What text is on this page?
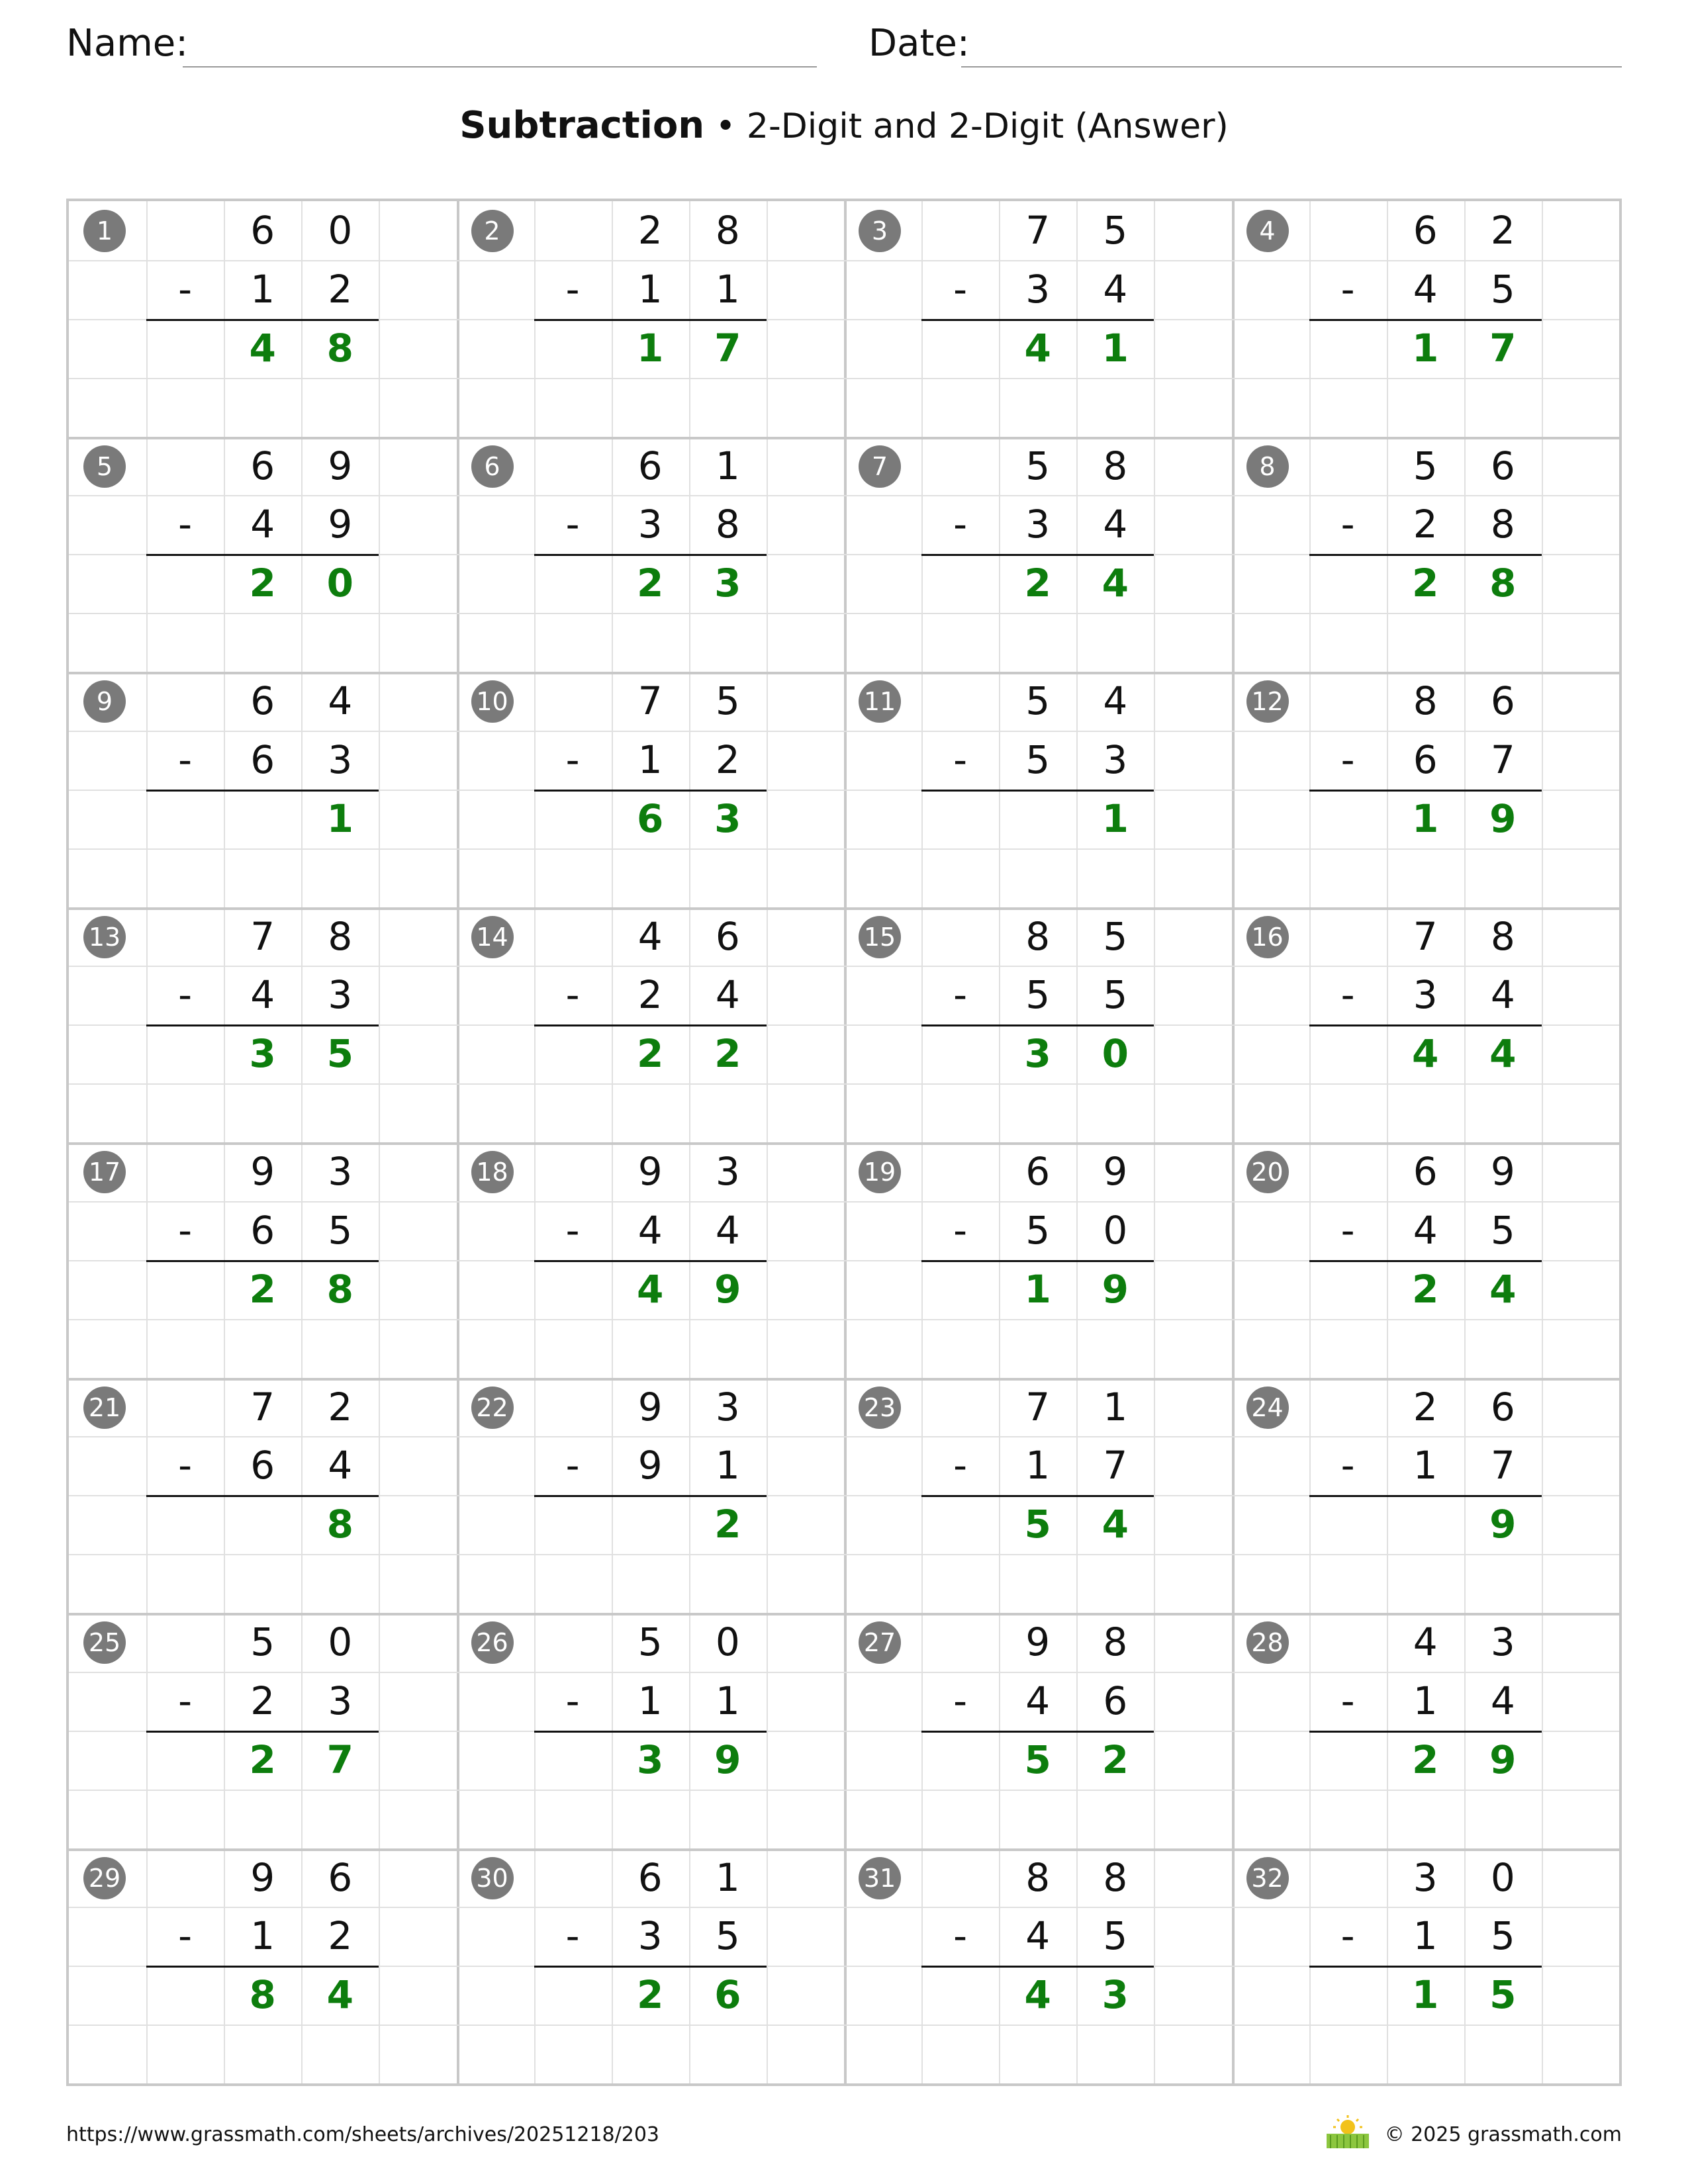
Name:	Date:
Subtraction • 2-Digit and 2-Digit (Answer)
1	6	0
-	1	2
4	8
2	2	8
-	1	1
1	7
3	7	5
-	3	4
4	1
4	6	2
-	4	5
1	7
5	6	9
-	4	9
2	0
6	6	1
-	3	8
2	3
7	5	8
-	3	4
2	4
8	5	6
-	2	8
2	8
9	6	4
-	6	3
1
10	7	5
-	1	2
6	3
11	5	4
-	5	3
1
12	8	6
-	6	7
1	9
13	7	8
-	4	3
3	5
14	4	6
-	2	4
2	2
15	8	5
-	5	5
3	0
16	7	8
-	3	4
4	4
17	9	3
-	6	5
2	8
18	9	3
-	4	4
4	9
19	6	9
-	5	0
1	9
20	6	9
-	4	5
2	4
21	7	2
-	6	4
8
22	9	3
-	9	1
2
23	7	1
-	1	7
5	4
24	2	6
-	1	7
9
25	5	0
-	2	3
2	7
26	5	0
-	1	1
3	9
27	9	8
-	4	6
5	2
28	4	3
-	1	4
2	9
29	9	6
-	1	2
8	4
30	6	1
-	3	5
2	6
31	8	8
-	4	5
4	3
32	3	0
-	1	5
1	5
https://www.grassmath.com/sheets/archives/20251218/203	© 2025 grassmath.com
